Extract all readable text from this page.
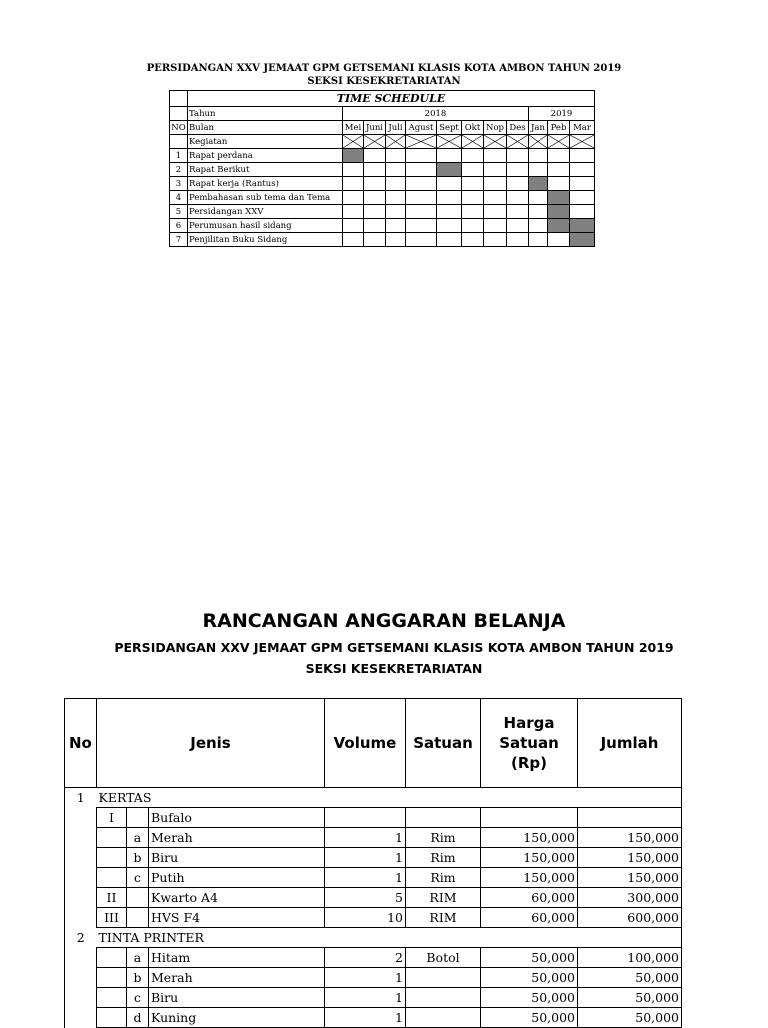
PERSIDANGAN XXV JEMAAT GPM GETSEMANI KLASIS KOTA AMBON TAHUN 2019
SEKSI KESEKRETARIATAN
	TIME SCHEDULE											
	Tahun	2018								2019		
NO	Bulan	Mei	Juni	Juli	Agust	Sept	Okt	Nop	Des	Jan	Peb	Mar
	Kegiatan	

1	Rapat perdana											
2	Rapat Berikut											
3	Rapat kerja (Rantus)											
4	Pembahasan sub tema dan Tema											
5	Persidangan XXV											
6	Perumusan hasil sidang											
7	Penjilitan Buku Sidang											
RANCANGAN ANGGARAN BELANJA
PERSIDANGAN XXV JEMAAT GPM GETSEMANI KLASIS KOTA AMBON TAHUN 2019
SEKSI KESEKRETARIATAN
No	Jenis			Volume	Satuan	Harga Satuan (Rp)	Jumlah
1	KERTAS						
	I		Bufalo				
		a	Merah	1	Rim	150,000	150,000
		b	Biru	1	Rim	150,000	150,000
		c	Putih	1	Rim	150,000	150,000
	II		Kwarto A4	5	RIM	60,000	300,000
	III		HVS F4	10	RIM	60,000	600,000
2	TINTA PRINTER						
		a	Hitam	2	Botol	50,000	100,000
		b	Merah	1		50,000	50,000
		c	Biru	1		50,000	50,000
		d	Kuning	1		50,000	50,000
